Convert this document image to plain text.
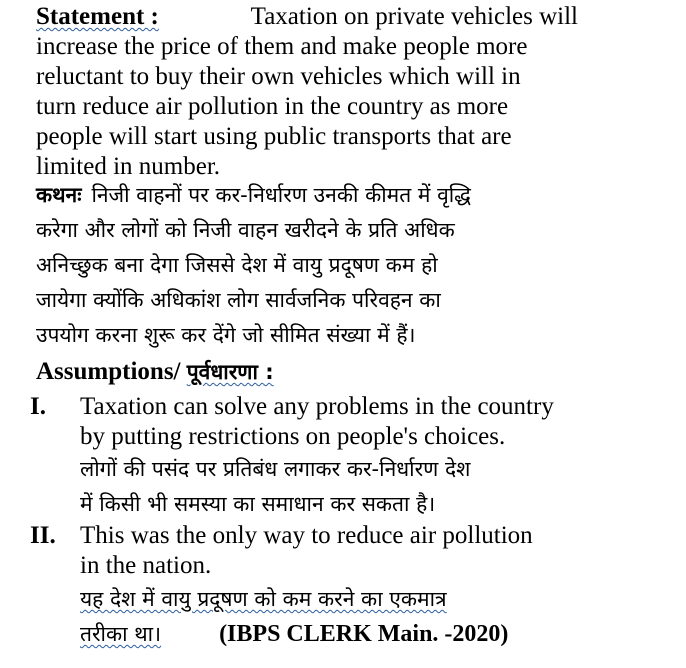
Statement :	Taxation on private vehicles will
increase the price of them and make people more
reluctant to buy their own vehicles which will in
turn reduce air pollution in the country as more
people will start using public transports that are
limited in number.
कथनः निजी वाहनों पर कर-निर्धारण उनकी कीमत में वृद्धि
करेगा और लोगों को निजी वाहन खरीदने के प्रति अधिक
अनिच्छुक बना देगा जिससे देश में वायु प्रदूषण कम हो
जायेगा क्योंकि अधिकांश लोग सार्वजनिक परिवहन का
उपयोग करना शुरू कर देंगे जो सीमित संख्या में हैं।
Assumptions/ पूर्वधारणा :
I. Taxation can solve any problems in the country
by putting restrictions on people's choices.
लोगों की पसंद पर प्रतिबंध लगाकर कर-निर्धारण देश
में किसी भी समस्या का समाधान कर सकता है।
II. This was the only way to reduce air pollution
in the nation.
यह देश में वायु प्रदूषण को कम करने का एकमात्र
तरीका था। (IBPS CLERK Main. -2020)
